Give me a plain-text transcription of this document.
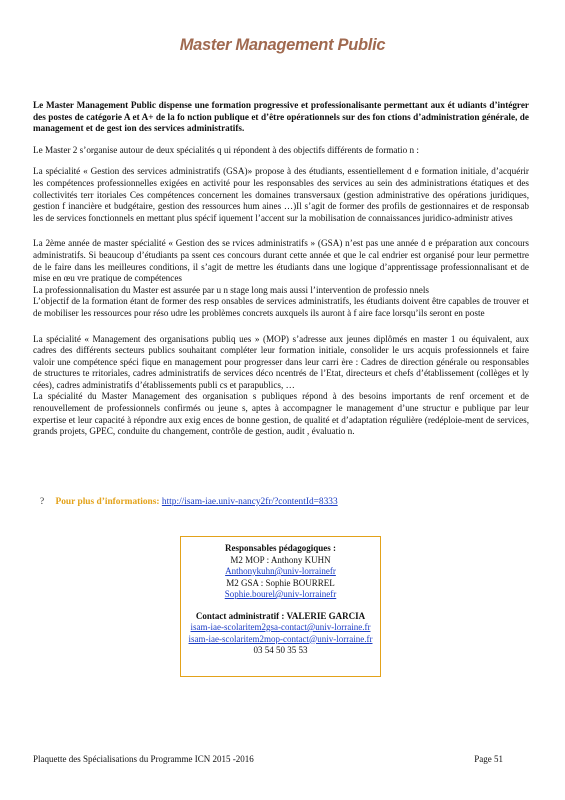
Master Management Public

Le Master Management Public dispense une formation progressive et professionalisante permettant aux ét udiants d’intégrer des postes de catégorie A et A+ de la fo nction publique et d’être opérationnels sur des fon ctions d’administration générale, de management et de gest ion des services administratifs.

Le Master 2 s’organise autour de deux spécialités q ui répondent à des objectifs différents de formatio n :

La spécialité « Gestion des services administratifs (GSA)» propose à des étudiants, essentiellement d e formation initiale, d’acquérir les compétences professionnelles exigées en activité pour les responsables des services au sein des administrations étatiques et des collectivités terr itoriales Ces compétences concernent les domaines transversaux (gestion administrative des opérations juridiques, gestion f inancière et budgétaire, gestion des ressources hum aines …)Il s’agit de former des profils de gestionnaires et de responsab les de services fonctionnels en mettant plus spécif iquement l’accent sur la mobilisation de connaissances juridico-administr atives

La 2ème année de master spécialité « Gestion des se rvices administratifs » (GSA) n’est pas une année d e préparation aux concours administratifs. Si beaucoup d’étudiants pa ssent ces concours durant cette année et que le cal endrier est organisé pour leur permettre de le faire dans les meilleures conditions, il s’agit de mettre les étudiants dans une logique d’apprentissage professionnalisant et de mise en œu vre pratique de compétences

La professionnalisation du Master est assurée par u n stage long mais aussi l’intervention de professio nnels

L’objectif de la formation étant de former des resp onsables de services administratifs, les étudiants doivent être capables de trouver et de mobiliser les ressources pour réso udre les problèmes concrets auxquels ils auront à f aire face lorsqu’ils seront en poste

La spécialité « Management des organisations publiq ues » (MOP) s’adresse aux jeunes diplômés en master 1 ou équivalent, aux cadres des différents secteurs publics souhaitant compléter leur formation initiale, consolider le urs acquis professionnels et faire valoir une compétence spéci fique en management pour progresser dans leur carri ère : Cadres de direction générale ou responsables de structures te rritoriales, cadres administratifs de services déco ncentrés de l’Etat, directeurs et chefs d’établissement (collèges et ly cées), cadres administratifs d’établissements publi cs et parapublics, …

La spécialité du Master Management des organisation s publiques répond à des besoins importants de renf orcement et de renouvellement de professionnels confirmés ou jeune s, aptes à accompagner le management d’une structur e publique par leur expertise et leur capacité à répondre aux exig ences de bonne gestion, de qualité et d’adaptation régulière (redéploie-ment de services, grands projets, GPEC, conduite du changement, contrôle de gestion, audit , évaluatio n.

? Pour plus d’informations: http://isam-iae.univ-nancy2fr/?contentId=8333
Responsables pédagogiques :
M2 MOP : Anthony KUHN
Anthonykuhn@univ-lorrainefr
M2 GSA : Sophie BOURREL
Sophie.bourel@univ-lorrainefr
Contact administratif : VALERIE GARCIA
isam-iae-scolaritem2gsa-contact@univ-lorraine.fr
isam-iae-scolaritem2mop-contact@univ-lorraine.fr
03 54 50 35 53
Plaquette des Spécialisations du Programme ICN 2015 -2016	Page 51
